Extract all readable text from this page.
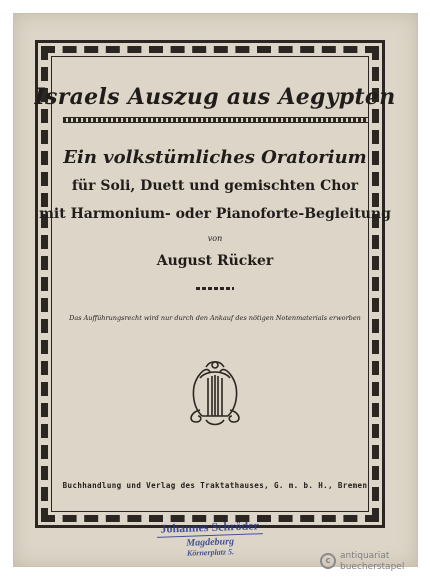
Israels Auszug aus Aegypten
Ein volkstümliches Oratorium
für Soli, Duett und gemischten Chor
mit Harmonium- oder Pianoforte-Begleitung
von
August Rücker
Das Aufführungsrecht wird nur durch den Ankauf des nötigen Notenmaterials erworben
Buchhandlung und Verlag des Traktathauses, G. m. b. H., Bremen
Johannes Schröder
Magdeburg
Körnerplatz 5.
c	antiquariat
buecherstapel
